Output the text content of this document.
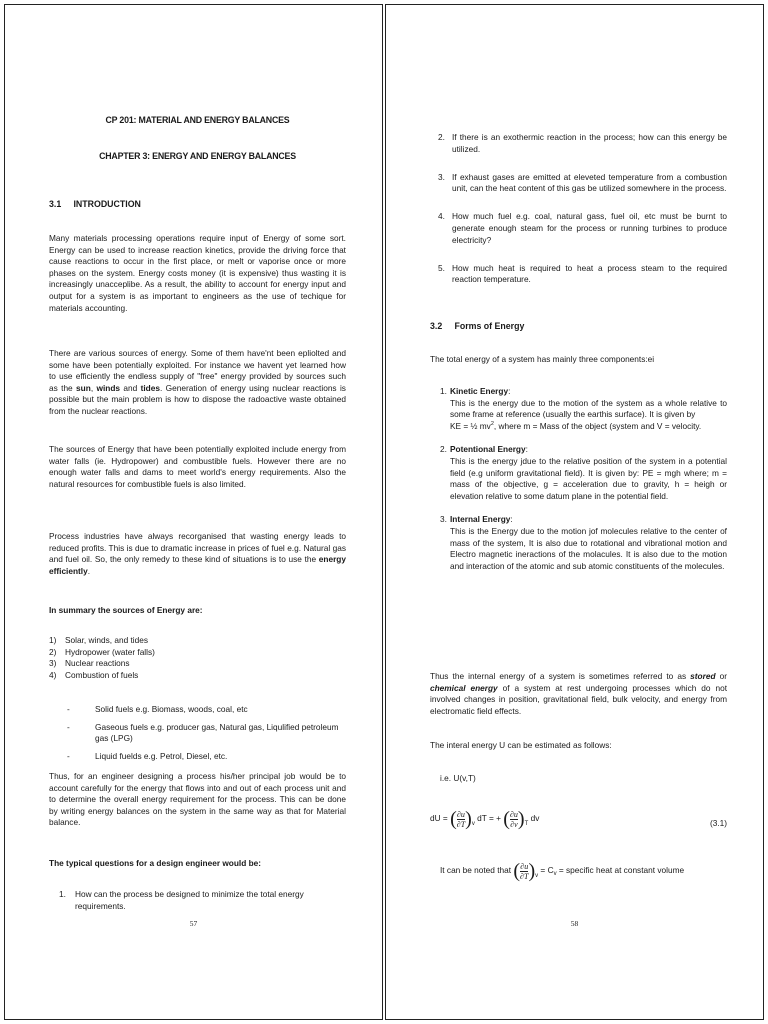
CP 201: MATERIAL AND ENERGY BALANCES

CHAPTER 3: ENERGY AND ENERGY BALANCES

3.1 INTRODUCTION

Many materials processing operations require input of Energy of some sort. Energy can be used to increase reaction kinetics, provide the driving force that cause reactions to occur in the first place, or melt or vaporise once or more phases on the system. Energy costs money (it is expensive) thus wasting it is increasingly unacceplibe. As a result, the ability to account for energy input and output for a system is as important to engineers as the use of techique for materials accounting.

There are various sources of energy. Some of them have'nt been epliolted and some have been potentially exploited. For instance we havent yet learned how to use efficiently the endless supply of "free" energy provided by sources such as the sun, winds and tides. Generation of energy using nuclear reactions is possible but the main problem is how to dispose the radoactive waste obtained from the nuclear reactions.

The sources of Energy that have been potentially exploited include energy from water falls (ie. Hydropower) and combustible fuels. However there are no enough water falls and dams to meet world's energy requirements. Also the natural resources for combustible fuels is also limited.

Process industries have always recorganised that wasting energy leads to reduced profits. This is due to dramatic increase in prices of fuel e.g. Natural gas and fuel oil. So, the only remedy to these kind of situations is to use the energy efficiently.

In summary the sources of Energy are:

1) Solar, winds, and tides
2) Hydropower (water falls)
3) Nuclear reactions
4) Combustion of fuels
-	Solid fuels e.g. Biomass, woods, coal, etc
-	Gaseous fuels e.g. producer gas, Natural gas, Liqulified petroleum gas (LPG)
-	Liquid fuelds e.g. Petrol, Diesel, etc.

Thus, for an engineer designing a process his/her principal job would be to account carefully for the energy that flows into and out of each process unit and to determine the overall energy requirement for the process. This can be done by writing energy balances on the system in the same way as that for Material balance.

The typical questions for a design engineer would be:

1. How can the process be designed to minimize the total energy requirements.
57
2. If there is an exothermic reaction in the process; how can this energy be utilized.
3. If exhaust gases are emitted at eleveted temperature from a combustion unit, can the heat content of this gas be utilized somewhere in the process.
4. How much fuel e.g. coal, natural gass, fuel oil, etc must be burnt to generate enough steam for the process or running turbines to produce electricity?
5. How much heat is required to heat a process steam to the required reaction temperature.

3.2 Forms of Energy

The total energy of a system has mainly three components:ei

1. Kinetic Energy:
This is the energy due to the motion of the system as a whole relative to some frame at reference (usually the earthis surface). It is given by
KE = ½ $mv^2$, where m = Mass of the object (system and V = velocity.
2. Potentional Energy:
This is the energy jdue to the relative position of the system in a potential field (e.g uniform gravitational field). It is given by: PE = mgh where; m = mass of the objective, g = acceleration due to gravity, h = heigh or elevation relative to some datum plane in the potential field.
3. Internal Energy:
This is the Energy due to the motion jof molecules relative to the center of mass of the system, It is also due to rotational and vibrational motion and Electro magnetic ineractions of the molacules. It is also due to the motion and interaction of the atomic and sub atomic constituents of the molecules.

Thus the internal energy of a system is sometimes referred to as stored or chemical energy of a system at rest undergoing processes which do not involved changes in position, gravitational field, bulk velocity, and energy from electromatic field effects.

The interal energy U can be estimated as follows:

i.e. U(v,T)

dU = ( $\frac{\partial u}{\partial T} )_v$ dT = + ( $\frac{\partial u}{\partial v} )_T$ dv	(3.1)
It can be noted that ( $\frac{\partial u}{\partial T} )_v = C_v$ = specific heat at constant volume
58
